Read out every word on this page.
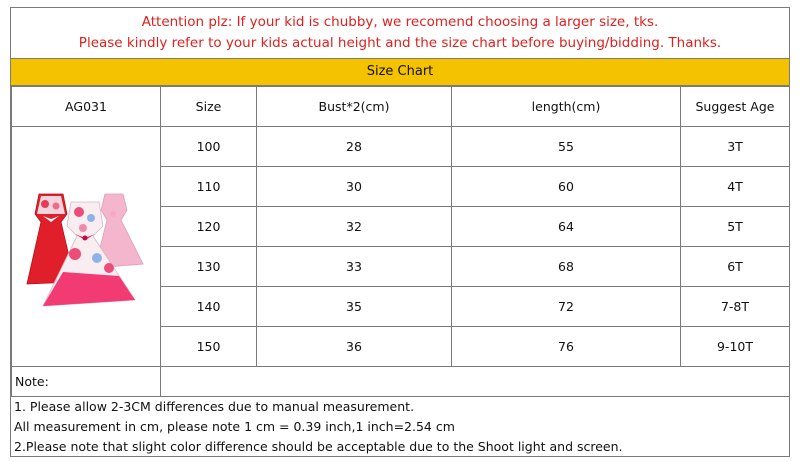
Attention plz: If your kid is chubby, we recomend choosing a larger size, tks.
Please kindly refer to your kids actual height and the size chart before buying/bidding. Thanks.
Size Chart
AG031	Size	Bust*2(cm)	length(cm)	Suggest Age

	100	28	55	3T
	110	30	60	4T
	120	32	64	5T
	130	33	68	6T
	140	35	72	7-8T
	150	36	76	9-10T
Note:				
1. Please allow 2-3CM differences due to manual measurement.
All measurement in cm, please note 1 cm = 0.39 inch,1 inch=2.54 cm
2.Please note that slight color difference should be acceptable due to the Shoot light and screen.
